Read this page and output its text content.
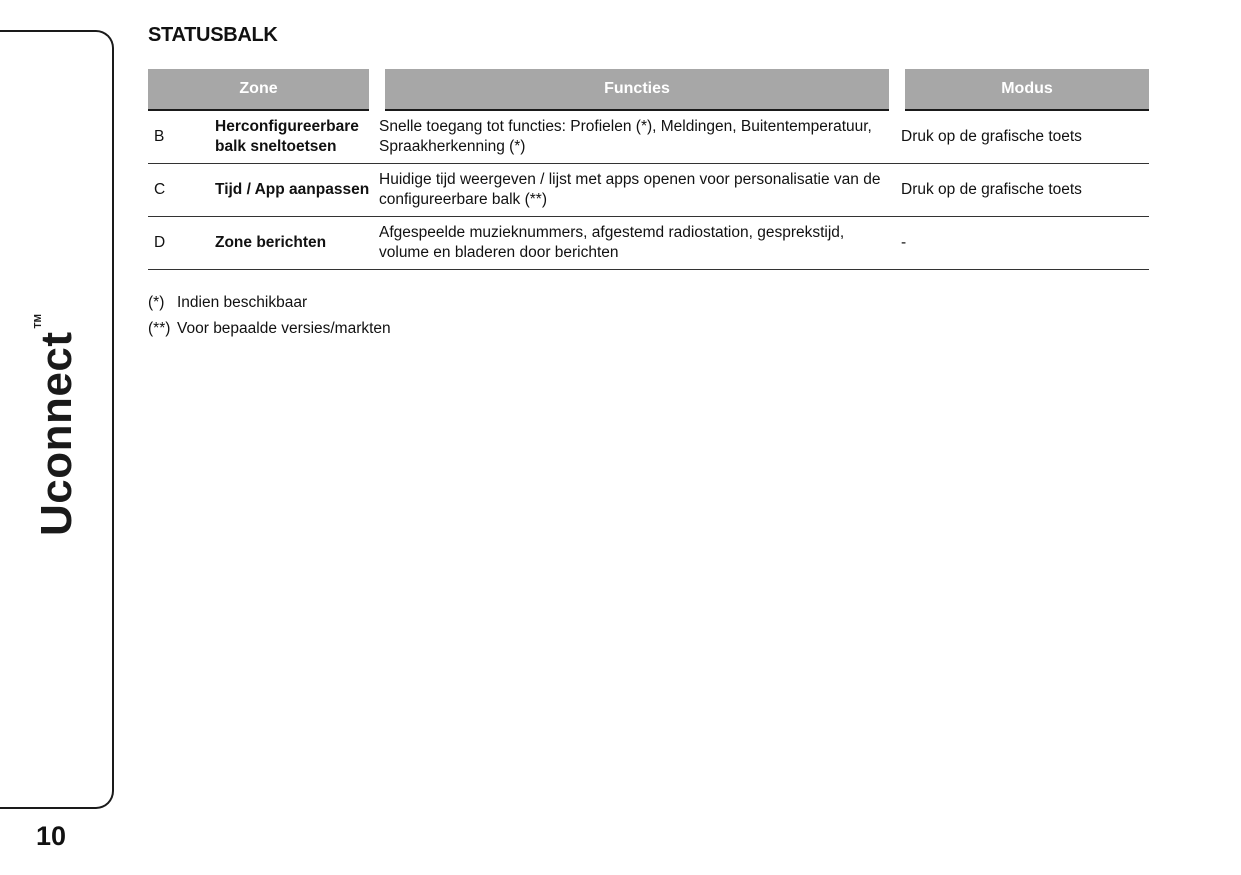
Uconnect™
10
STATUSBALK
Zone		Functies	Modus
B	Herconfigureerbare balk sneltoetsen	Snelle toegang tot functies: Profielen (*), Meldingen, Buitentemperatuur, Spraakherkenning (*)	Druk op de grafische toets
C	Tijd / App aanpassen	Huidige tijd weergeven / lijst met apps openen voor personalisatie van de configureerbare balk (**)	Druk op de grafische toets
D	Zone berichten	Afgespeelde muzieknummers, afgestemd radiostation, gesprekstijd, volume en bladeren door berichten	-
(*) Indien beschikbaar
(**) Voor bepaalde versies/markten
